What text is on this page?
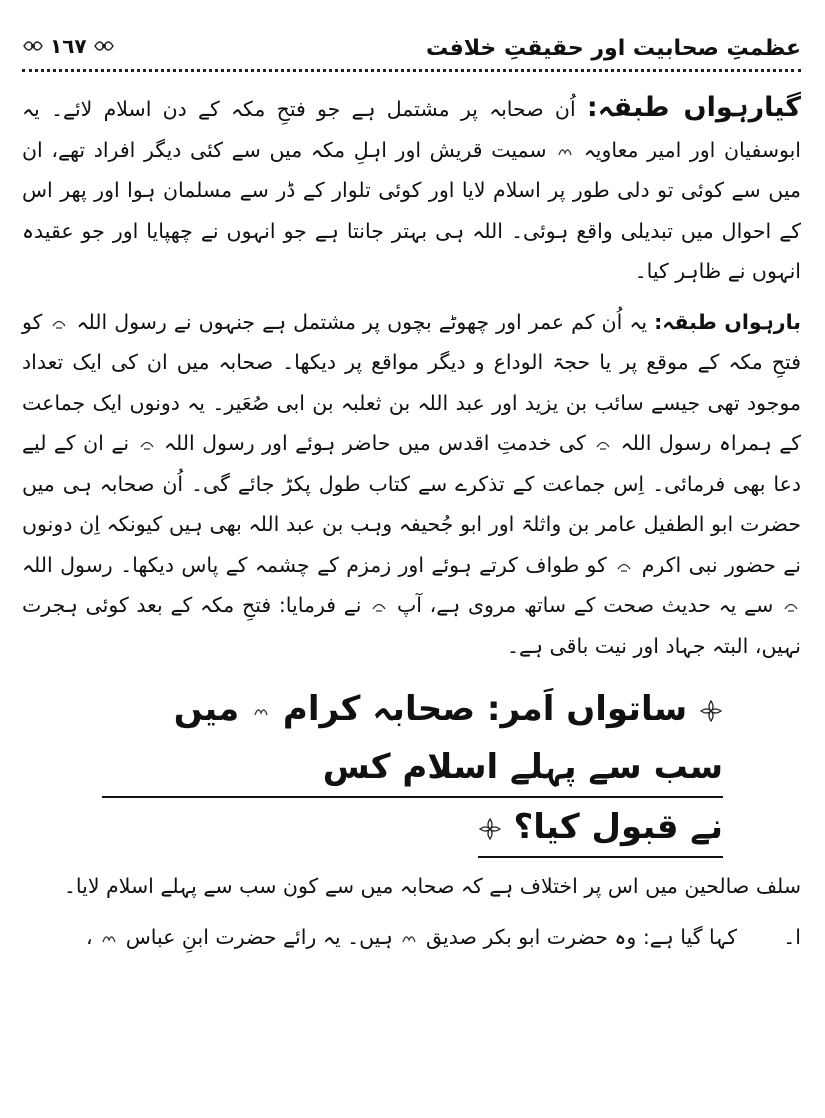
عظمتِ صحابیت اور حقیقتِ خلافت
١٦٧

گیارہواں طبقہ: اُن صحابہ پر مشتمل ہے جو فتحِ مکہ کے دن اسلام لائے۔ یہ ابوسفیان اور امیر معاویہ  سمیت قریش اور اہلِ مکہ میں سے کئی دیگر افراد تھے، ان میں سے کوئی تو دلی طور پر اسلام لایا اور کوئی تلوار کے ڈر سے مسلمان ہوا اور پھر اس کے احوال میں تبدیلی واقع ہوئی۔ اللہ ہی بہتر جانتا ہے جو انہوں نے چھپایا اور جو عقیدہ انہوں نے ظاہر کیا۔

بارہواں طبقہ: یہ اُن کم عمر اور چھوٹے بچوں پر مشتمل ہے جنہوں نے رسول اللہ  کو فتحِ مکہ کے موقع پر یا حجۃ الوداع و دیگر مواقع پر دیکھا۔ صحابہ میں ان کی ایک تعداد موجود تھی جیسے سائب بن یزید اور عبد اللہ بن ثعلبہ بن ابی صُعَیر۔ یہ دونوں ایک جماعت کے ہمراہ رسول اللہ  کی خدمتِ اقدس میں حاضر ہوئے اور رسول اللہ  نے ان کے لیے دعا بھی فرمائی۔ اِس جماعت کے تذکرے سے کتاب طول پکڑ جائے گی۔ اُن صحابہ ہی میں حضرت ابو الطفیل عامر بن واثلۃ اور ابو جُحیفہ وہب بن عبد اللہ بھی ہیں کیونکہ اِن دونوں نے حضور نبی اکرم  کو طواف کرتے ہوئے اور زمزم کے چشمہ کے پاس دیکھا۔ رسول اللہ  سے یہ حدیث صحت کے ساتھ مروی ہے، آپ  نے فرمایا: فتحِ مکہ کے بعد کوئی ہجرت نہیں، البتہ جہاد اور نیت باقی ہے۔

ساتواں اَمر: صحابہ کرام  میں سب سے پہلے اسلام کس
نے قبول کیا؟

سلف صالحین میں اس پر اختلاف ہے کہ صحابہ میں سے کون سب سے پہلے اسلام لایا۔

ا۔
کہا گیا ہے: وہ حضرت ابو بکر صدیق  ہیں۔ یہ رائے حضرت ابنِ عباس  ،
